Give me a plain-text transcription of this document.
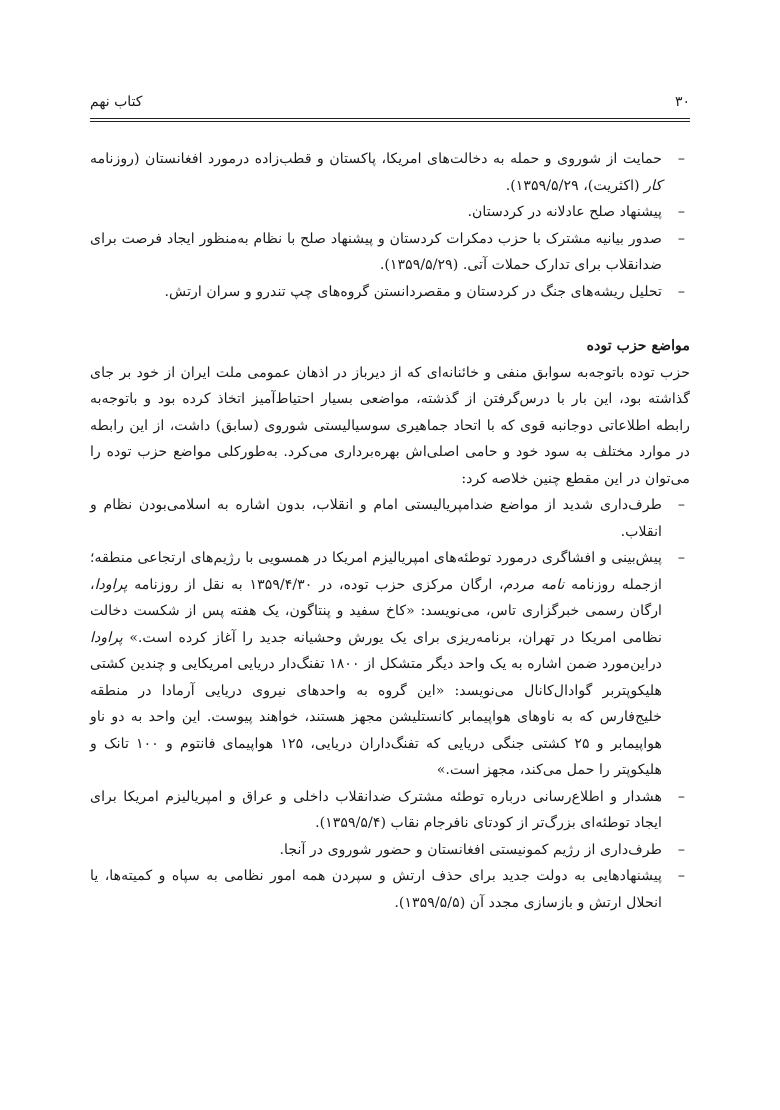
۳۰
کتاب نهم
–
حمایت از شوروی و حمله به دخالت‌های امریکا، پاکستان و قطب‌زاده درمورد افغانستان (روزنامه کار (اکثریت)، ۱۳۵۹/۵/۲۹).
–
پیشنهاد صلح عادلانه در کردستان.
–
صدور بیانیه مشترک با حزب دمکرات کردستان و پیشنهاد صلح با نظام به‌منظور ایجاد فرصت برای ضدانقلاب برای تدارک حملات آتی. (۱۳۵۹/۵/۲۹).
–
تحلیل ریشه‌های جنگ در کردستان و مقصردانستن گروه‌های چپ تندرو و سران ارتش.

مواضع حزب توده

حزب توده باتوجه‌به سوابق منفی و خائنانه‌ای که از دیرباز در اذهان عمومی ملت ایران از خود بر جای گذاشته بود، این بار با درس‌گرفتن از گذشته، مواضعی بسیار احتیاط‌آمیز اتخاذ کرده بود و باتوجه‌به رابطه اطلاعاتی دوجانبه قوی که با اتحاد جماهیری سوسیالیستی شوروی (سابق) داشت، از این رابطه در موارد مختلف به سود خود و حامی اصلی‌اش بهره‌برداری می‌کرد. به‌طورکلی مواضع حزب توده را می‌توان در این مقطع چنین خلاصه کرد:

–
طرف‌داری شدید از مواضع ضدامپریالیستی امام و انقلاب، بدون اشاره به اسلامی‌بودن نظام و انقلاب.
–
پیش‌بینی و افشاگری درمورد توطئه‌های امپریالیزم امریکا در همسویی با رژیم‌های ارتجاعی منطقه؛ ازجمله روزنامه نامه مردم، ارگان مرکزی حزب توده، در ۱۳۵۹/۴/۳۰ به نقل از روزنامه پراودا، ارگان رسمی خبرگزاری تاس، می‌نویسد: «کاخ سفید و پنتاگون، یک هفته پس از شکست دخالت نظامی امریکا در تهران، برنامه‌ریزی برای یک یورش وحشیانه جدید را آغاز کرده است.» پراودا دراین‌مورد ضمن اشاره به یک واحد دیگر متشکل از ۱۸۰۰ تفنگ‌دار دریایی امریکایی و چندین کشتی هلیکوپتربر گوادال‌کانال می‌نویسد: «این گروه به واحدهای نیروی دریایی آرمادا در منطقه خلیج‌فارس که به ناوهای هواپیمابر کانستلیشن مجهز هستند، خواهند پیوست. این واحد به دو ناو هواپیمابر و ۲۵ کشتی جنگی دریایی که تفنگ‌داران دریایی، ۱۲۵ هواپیمای فانتوم و ۱۰۰ تانک و هلیکوپتر را حمل می‌کند، مجهز است.»
–
هشدار و اطلاع‌رسانی درباره توطئه مشترک ضدانقلاب داخلی و عراق و امپریالیزم امریکا برای ایجاد توطئه‌ای بزرگ‌تر از کودتای نافرجام نقاب (۱۳۵۹/۵/۴).
–
طرف‌داری از رژیم کمونیستی افغانستان و حضور شوروی در آنجا.
–
پیشنهادهایی به دولت جدید برای حذف ارتش و سپردن همه امور نظامی به سپاه و کمیته‌ها، یا انحلال ارتش و بازسازی مجدد آن (۱۳۵۹/۵/۵).
